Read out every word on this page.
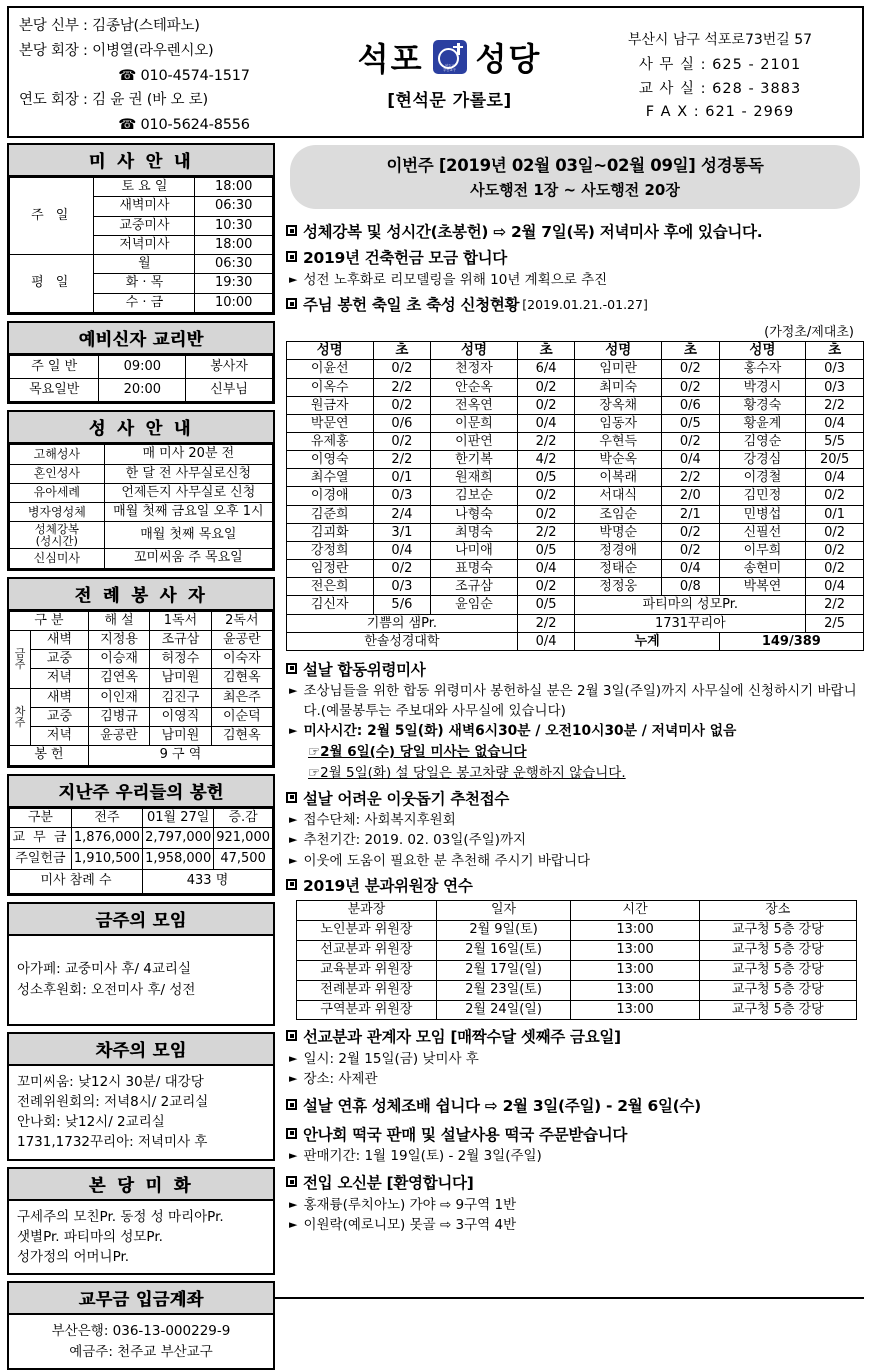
본당 신부 : 김종남(스테파노)
본당 회장 : 이병열(라우렌시오)
☎ 010-4574-1517
연도 회장 : 김 윤 권 (바 오 로)
☎ 010-5624-8556
석포	천주교
부산교구 성당
[현석문 가롤로]
부산시 남구 석포로73번길 57
사 무 실 : 625 - 2101
교 사 실 : 628 - 3883
F A X : 621 - 2969
미 사 안 내
주 일	토 요 일	18:00
	새벽미사	06:30
	교중미사	10:30
	저녁미사	18:00
평 일	월	06:30
	화 · 목	19:30
	수 · 금	10:00
예비신자 교리반
주 일 반	09:00	봉사자
목요일반	20:00	신부님
성 사 안 내
고해성사	매 미사 20분 전
혼인성사	한 달 전 사무실로신청
유아세례	언제든지 사무실로 신청
병자영성체	매월 첫째 금요일 오후 1시
성체강복
(성시간)	매월 첫째 목요일
신심미사	꼬미씨움 주 목요일
전 례 봉 사 자
구 분		해 설	1독서	2독서
금
주	새벽	지정용	조규삼	윤공란
	교중	이승재	허정수	이숙자
	저녁	김연옥	남미원	김현옥
차
주	새벽	이인재	김진구	최은주
	교중	김병규	이영직	이순덕
	저녁	윤공란	남미원	김현옥
봉 헌		9 구 역		
지난주 우리들의 봉헌
구분	전주	01월 27일	증.감
교 무 금	1,876,000	2,797,000	921,000
주일헌금	1,910,500	1,958,000	47,500
미사 참례 수		433 명	
금주의 모임
아가페: 교중미사 후/ 4교리실
성소후원회: 오전미사 후/ 성전
차주의 모임
꼬미씨움: 낮12시 30분/ 대강당
전례위원회의: 저녁8시/ 2교리실
안나회: 낮12시/ 2교리실
1731,1732꾸리아: 저녁미사 후
본 당 미 화
구세주의 모친Pr. 동정 성 마리아Pr.
샛별Pr. 파티마의 성모Pr.
성가정의 어머니Pr.
교무금 입금계좌
부산은행: 036-13-000229-9
예금주: 천주교 부산교구
이번주 [2019년 02월 03일~02월 09일] 성경통독
사도행전 1장 ~ 사도행전 20장
성체강복 및 성시간(초봉헌) ⇨ 2월 7일(목) 저녁미사 후에 있습니다.
2019년 건축헌금 모금 합니다
► 성전 노후화로 리모델링을 위해 10년 계획으로 추진
주님 봉헌 축일 초 축성 신청현황 [2019.01.21.-01.27]
(가정초/제대초)
성명	초	성명	초	성명	초	성명	초
이윤선	0/2	천정자	6/4	임미란	0/2	홍수자	0/3
이옥수	2/2	안순옥	0/2	최미숙	0/2	박경시	0/3
원금자	0/2	전옥연	0/2	장옥채	0/6	황경숙	2/2
박문연	0/6	이문희	0/4	임동자	0/5	황윤계	0/4
유제홍	0/2	이판연	2/2	우현득	0/2	김영순	5/5
이영숙	2/2	한기복	4/2	박순옥	0/4	강경심	20/5
최수열	0/1	원재희	0/5	이복래	2/2	이경철	0/4
이경애	0/3	김보순	0/2	서대식	2/0	김민정	0/2
김준희	2/4	나형숙	0/2	조임순	2/1	민병섭	0/1
김괴화	3/1	최명숙	2/2	박명순	0/2	신필선	0/2
강정희	0/4	나미애	0/5	정경애	0/2	이무희	0/2
임정란	0/2	표명숙	0/4	정태순	0/4	송현미	0/2
전은희	0/3	조규삼	0/2	정정웅	0/8	박복연	0/4
김신자	5/6	윤임순	0/5	파티마의 성모Pr.			2/2
기쁨의 샘Pr.			2/2	1731꾸리아			2/5
한솔성경대학			0/4	누계		149/389	
설날 합동위령미사
► 조상님들을 위한 합동 위령미사 봉헌하실 분은 2월 3일(주일)까지 사무실에 신청하시기 바랍니다.(예물봉투는 주보대와 사무실에 있습니다)
► 미사시간: 2월 5일(화) 새벽6시30분 / 오전10시30분 / 저녁미사 없음
☞2월 6일(수) 당일 미사는 없습니다
☞2월 5일(화) 설 당일은 봉고차량 운행하지 않습니다.
설날 어려운 이웃돕기 추천접수
► 접수단체: 사회복지후원회
► 추천기간: 2019. 02. 03일(주일)까지
► 이웃에 도움이 필요한 분 추천해 주시기 바랍니다
2019년 분과위원장 연수
분과장	일자	시간	장소
노인분과 위원장	2월 9일(토)	13:00	교구청 5층 강당
선교분과 위원장	2월 16일(토)	13:00	교구청 5층 강당
교육분과 위원장	2월 17일(일)	13:00	교구청 5층 강당
전례분과 위원장	2월 23일(토)	13:00	교구청 5층 강당
구역분과 위원장	2월 24일(일)	13:00	교구청 5층 강당
선교분과 관계자 모임 [매짝수달 셋째주 금요일]
► 일시: 2월 15일(금) 낮미사 후
► 장소: 사제관
설날 연휴 성체조배 쉽니다 ⇨ 2월 3일(주일) - 2월 6일(수)
안나회 떡국 판매 및 설날사용 떡국 주문받습니다
► 판매기간: 1월 19일(토) - 2월 3일(주일)
전입 오신분 [환영합니다]
► 홍재륭(루치아노) 가야 ⇨ 9구역 1반
► 이원락(예로니모) 못골 ⇨ 3구역 4반
